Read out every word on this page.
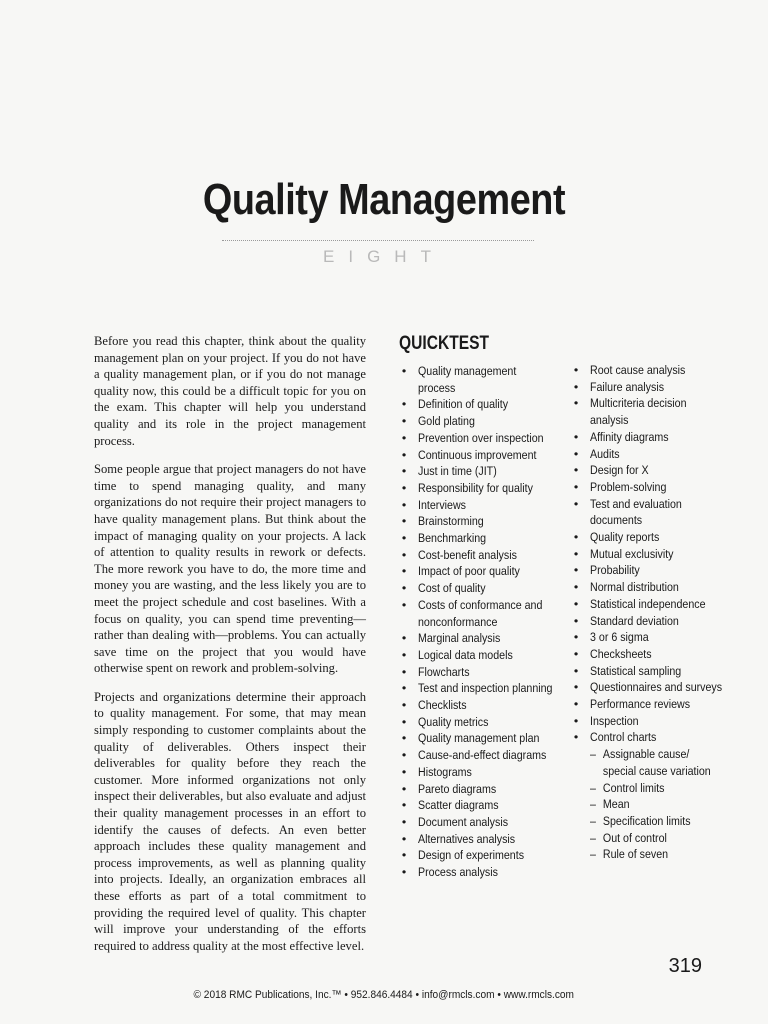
Quality Management
EIGHT

Before you read this chapter, think about the quality management plan on your project. If you do not have a quality management plan, or if you do not manage quality now, this could be a difficult topic for you on the exam. This chapter will help you understand quality and its role in the project management process.

Some people argue that project managers do not have time to spend managing quality, and many organizations do not require their project managers to have quality management plans. But think about the impact of managing quality on your projects. A lack of attention to quality results in rework or defects. The more rework you have to do, the more time and money you are wasting, and the less likely you are to meet the project schedule and cost baselines. With a focus on quality, you can spend time preventing—rather than dealing with—problems. You can actually save time on the project that you would have otherwise spent on rework and problem-solving.

Projects and organizations determine their approach to quality management. For some, that may mean simply responding to customer complaints about the quality of deliverables. Others inspect their deliverables for quality before they reach the customer. More informed organizations not only inspect their deliverables, but also evaluate and adjust their quality management processes in an effort to identify the causes of defects. An even better approach includes these quality management and process improvements, as well as planning quality into projects. Ideally, an organization embraces all these efforts as part of a total commitment to providing the required level of quality. This chapter will improve your understanding of the efforts required to address quality at the most effective level.

QUICKTEST
• Quality management
process
• Definition of quality
• Gold plating
• Prevention over inspection
• Continuous improvement
• Just in time (JIT)
• Responsibility for quality
• Interviews
• Brainstorming
• Benchmarking
• Cost-benefit analysis
• Impact of poor quality
• Cost of quality
• Costs of conformance and
nonconformance
• Marginal analysis
• Logical data models
• Flowcharts
• Test and inspection planning
• Checklists
• Quality metrics
• Quality management plan
• Cause-and-effect diagrams
• Histograms
• Pareto diagrams
• Scatter diagrams
• Document analysis
• Alternatives analysis
• Design of experiments
• Process analysis
• Root cause analysis
• Failure analysis
• Multicriteria decision
analysis
• Affinity diagrams
• Audits
• Design for X
• Problem-solving
• Test and evaluation
documents
• Quality reports
• Mutual exclusivity
• Probability
• Normal distribution
• Statistical independence
• Standard deviation
• 3 or 6 sigma
• Checksheets
• Statistical sampling
• Questionnaires and surveys
• Performance reviews
• Inspection
• Control charts
– Assignable cause/
special cause variation
– Control limits
– Mean
– Specification limits
– Out of control
– Rule of seven
319
© 2018 RMC Publications, Inc.™ • 952.846.4484 • info@rmcls.com • www.rmcls.com
